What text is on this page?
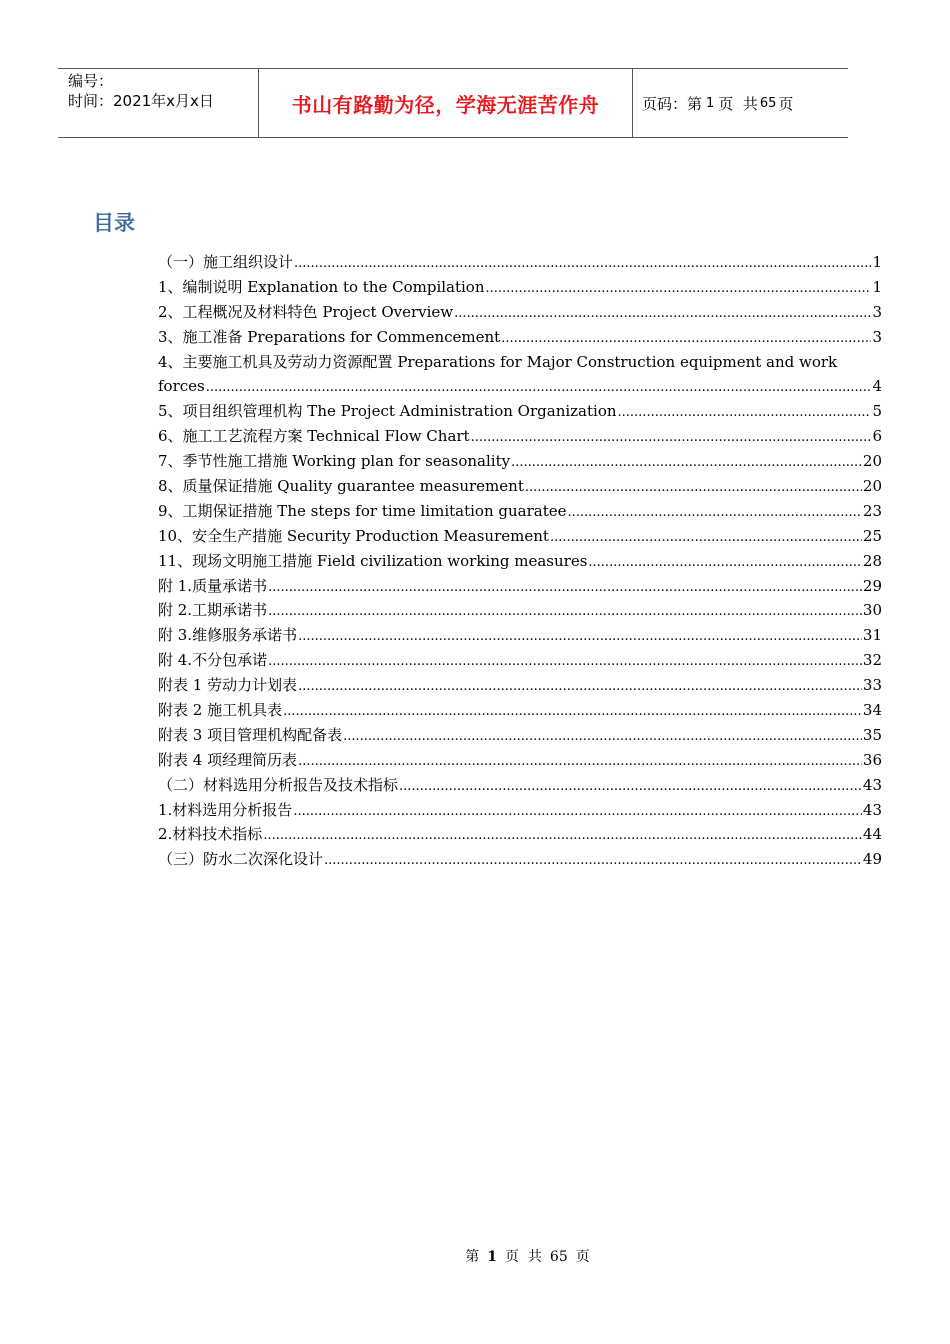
编号：
时间：2021年x月x日	书山有路勤为径，学海无涯苦作舟	页码：第 1 页  共 65 页
目录
（一）施工组织设计 .....	1
1、编制说明 Explanation to the Compilation .....	1
2、工程概况及材料特色 Project Overview .....	3
3、施工准备 Preparations for Commencement .....	3
4、主要施工机具及劳动力资源配置 Preparations for Major Construction equipment and work
forces .....	4
5、项目组织管理机构 The Project Administration Organization .....	5
6、施工工艺流程方案 Technical Flow Chart .....	6
7、季节性施工措施 Working plan for seasonality .....	20
8、质量保证措施 Quality guarantee measurement .....	20
9、工期保证措施 The steps for time limitation guaratee .....	23
10、安全生产措施 Security Production Measurement .....	25
11、现场文明施工措施 Field civilization working measures .....	28
附 1.质量承诺书 .....	29
附 2.工期承诺书 .....	30
附 3.维修服务承诺书 .....	31
附 4.不分包承诺 .....	32
附表 1 劳动力计划表 .....	33
附表 2 施工机具表 .....	34
附表 3 项目管理机构配备表 .....	35
附表 4 项经理简历表 .....	36
（二）材料选用分析报告及技术指标 .....	43
1.材料选用分析报告 .....	43
2.材料技术指标 .....	44
（三）防水二次深化设计 .....	49
第 1 页  共 65 页
